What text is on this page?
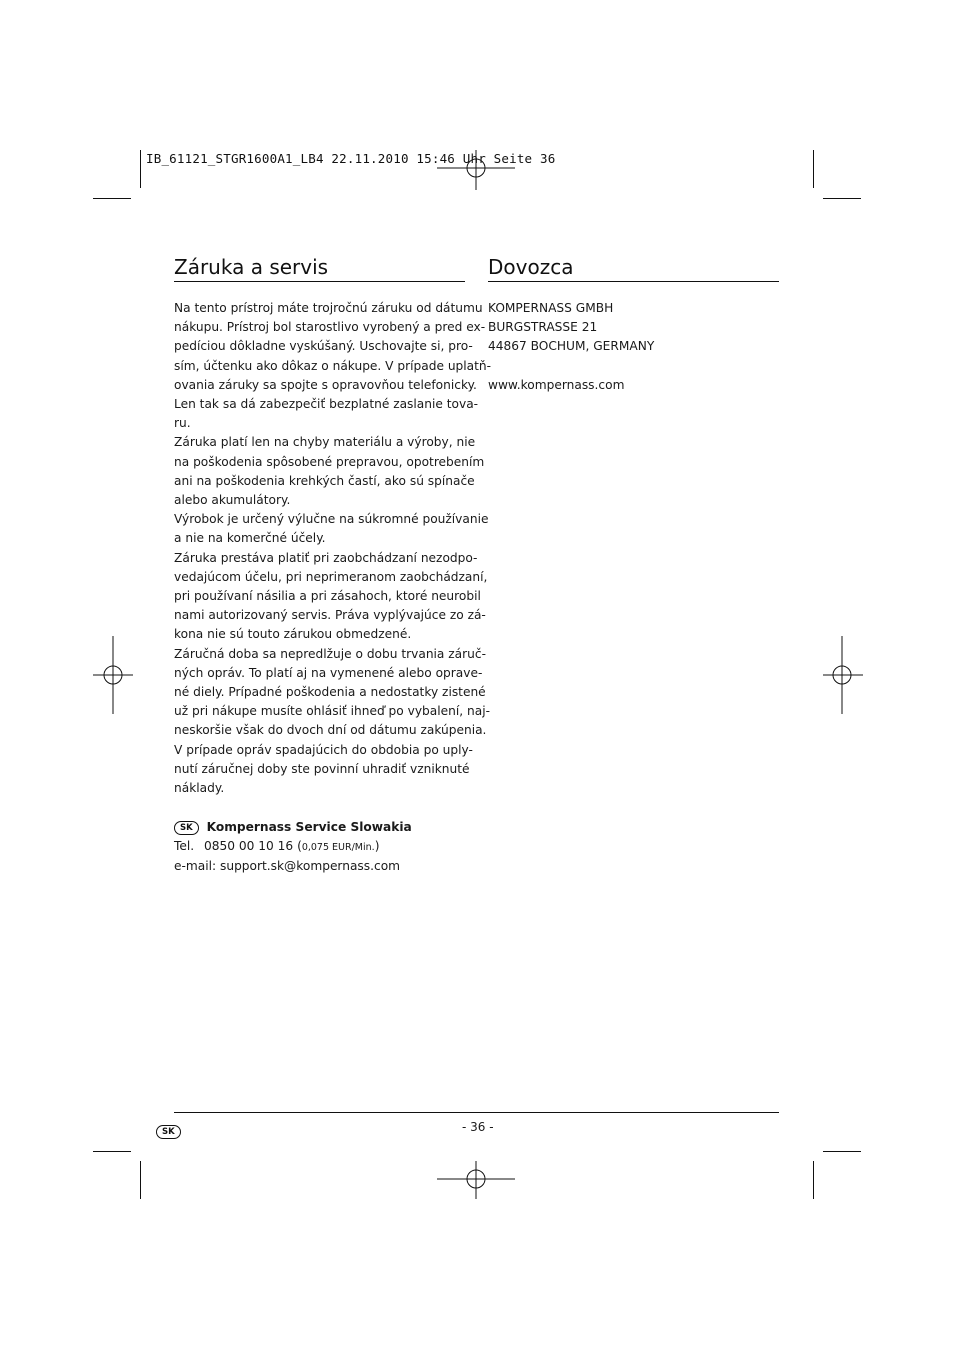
IB_61121_STGR1600A1_LB4 22.11.2010 15:46 Uhr Seite 36
Záruka a servis
Na tento prístroj máte trojročnú záruku od dátumu
nákupu. Prístroj bol starostlivo vyrobený a pred ex-
pedíciou dôkladne vyskúšaný. Uschovajte si, pro-
sím, účtenku ako dôkaz o nákupe. V prípade uplatň-
ovania záruky sa spojte s opravovňou telefonicky.
Len tak sa dá zabezpečiť bezplatné zaslanie tova-
ru.
Záruka platí len na chyby materiálu a výroby, nie
na poškodenia spôsobené prepravou, opotrebením
ani na poškodenia krehkých častí, ako sú spínače
alebo akumulátory.
Výrobok je určený výlučne na súkromné používanie
a nie na komerčné účely.
Záruka prestáva platiť pri zaobchádzaní nezodpo-
vedajúcom účelu, pri neprimeranom zaobchádzaní,
pri používaní násilia a pri zásahoch, ktoré neurobil
nami autorizovaný servis. Práva vyplývajúce zo zá-
kona nie sú touto zárukou obmedzené.
Záručná doba sa nepredlžuje o dobu trvania záruč-
ných opráv. To platí aj na vymenené alebo oprave-
né diely. Prípadné poškodenia a nedostatky zistené
už pri nákupe musíte ohlásiť ihneď po vybalení, naj-
neskoršie však do dvoch dní od dátumu zakúpenia.
V prípade opráv spadajúcich do obdobia po uply-
nutí záručnej doby ste povinní uhradiť vzniknuté
náklady.
SK Kompernass Service Slowakia
Tel. 0850 00 10 16 (0,075 EUR/Min.)
e-mail: support.sk@kompernass.com
Dovozca
KOMPERNASS GMBH
BURGSTRASSE 21
44867 BOCHUM, GERMANY
www.kompernass.com
SK	- 36 -
